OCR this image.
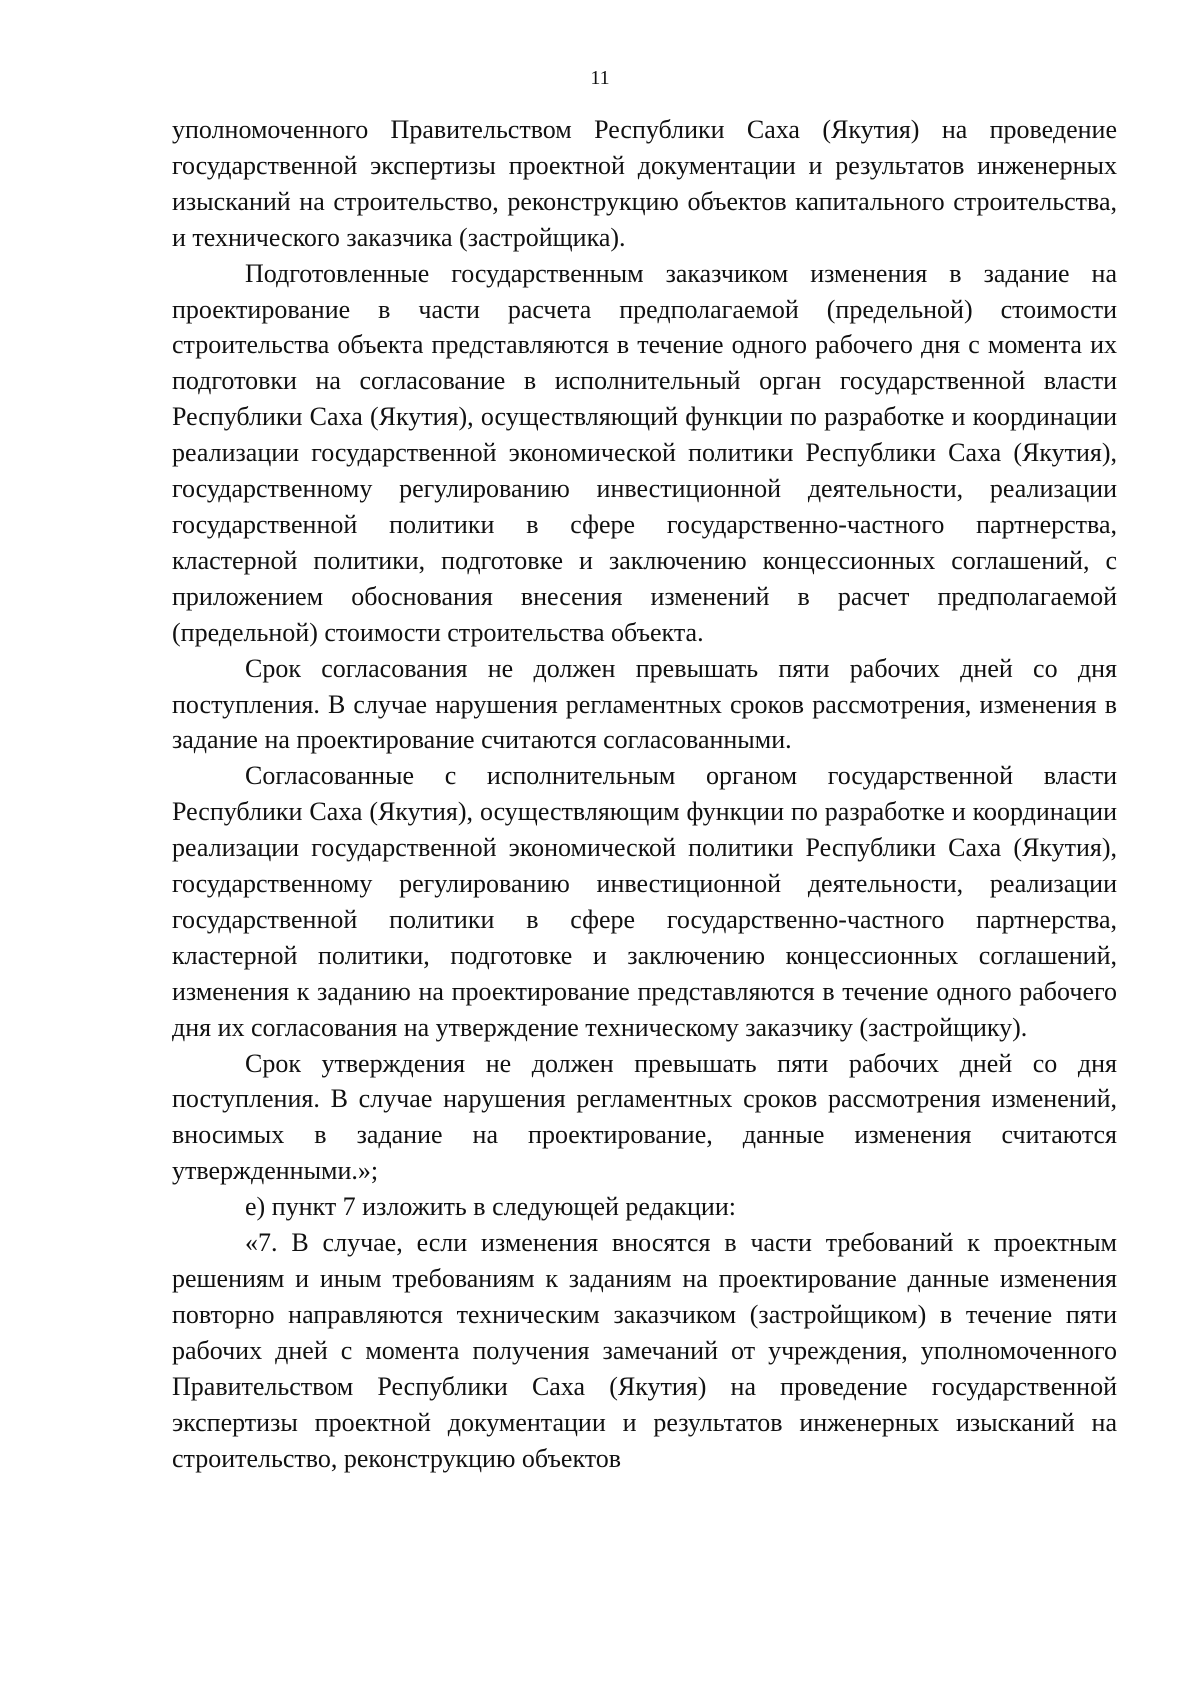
11

уполномоченного Правительством Республики Саха (Якутия) на проведение государственной экспертизы проектной документации и результатов инженерных изысканий на строительство, реконструкцию объектов капитального строительства, и технического заказчика (застройщика).

Подготовленные государственным заказчиком изменения в задание на проектирование в части расчета предполагаемой (предельной) стоимости строительства объекта представляются в течение одного рабочего дня с момента их подготовки на согласование в исполнительный орган государственной власти Республики Саха (Якутия), осуществляющий функции по разработке и координации реализации государственной экономической политики Республики Саха (Якутия), государственному регулированию инвестиционной деятельности, реализации государственной политики в сфере государственно-частного партнерства, кластерной политики, подготовке и заключению концессионных соглашений, с приложением обоснования внесения изменений в расчет предполагаемой (предельной) стоимости строительства объекта.

Срок согласования не должен превышать пяти рабочих дней со дня поступления. В случае нарушения регламентных сроков рассмотрения, изменения в задание на проектирование считаются согласованными.

Согласованные с исполнительным органом государственной власти Республики Саха (Якутия), осуществляющим функции по разработке и координации реализации государственной экономической политики Республики Саха (Якутия), государственному регулированию инвестиционной деятельности, реализации государственной политики в сфере государственно-частного партнерства, кластерной политики, подготовке и заключению концессионных соглашений, изменения к заданию на проектирование представляются в течение одного рабочего дня их согласования на утверждение техническому заказчику (застройщику).

Срок утверждения не должен превышать пяти рабочих дней со дня поступления. В случае нарушения регламентных сроков рассмотрения изменений, вносимых в задание на проектирование, данные изменения считаются утвержденными.»;

е) пункт 7 изложить в следующей редакции:

«7. В случае, если изменения вносятся в части требований к проектным решениям и иным требованиям к заданиям на проектирование данные изменения повторно направляются техническим заказчиком (застройщиком) в течение пяти рабочих дней с момента получения замечаний от учреждения, уполномоченного Правительством Республики Саха (Якутия) на проведение государственной экспертизы проектной документации и результатов инженерных изысканий на строительство, реконструкцию объектов
